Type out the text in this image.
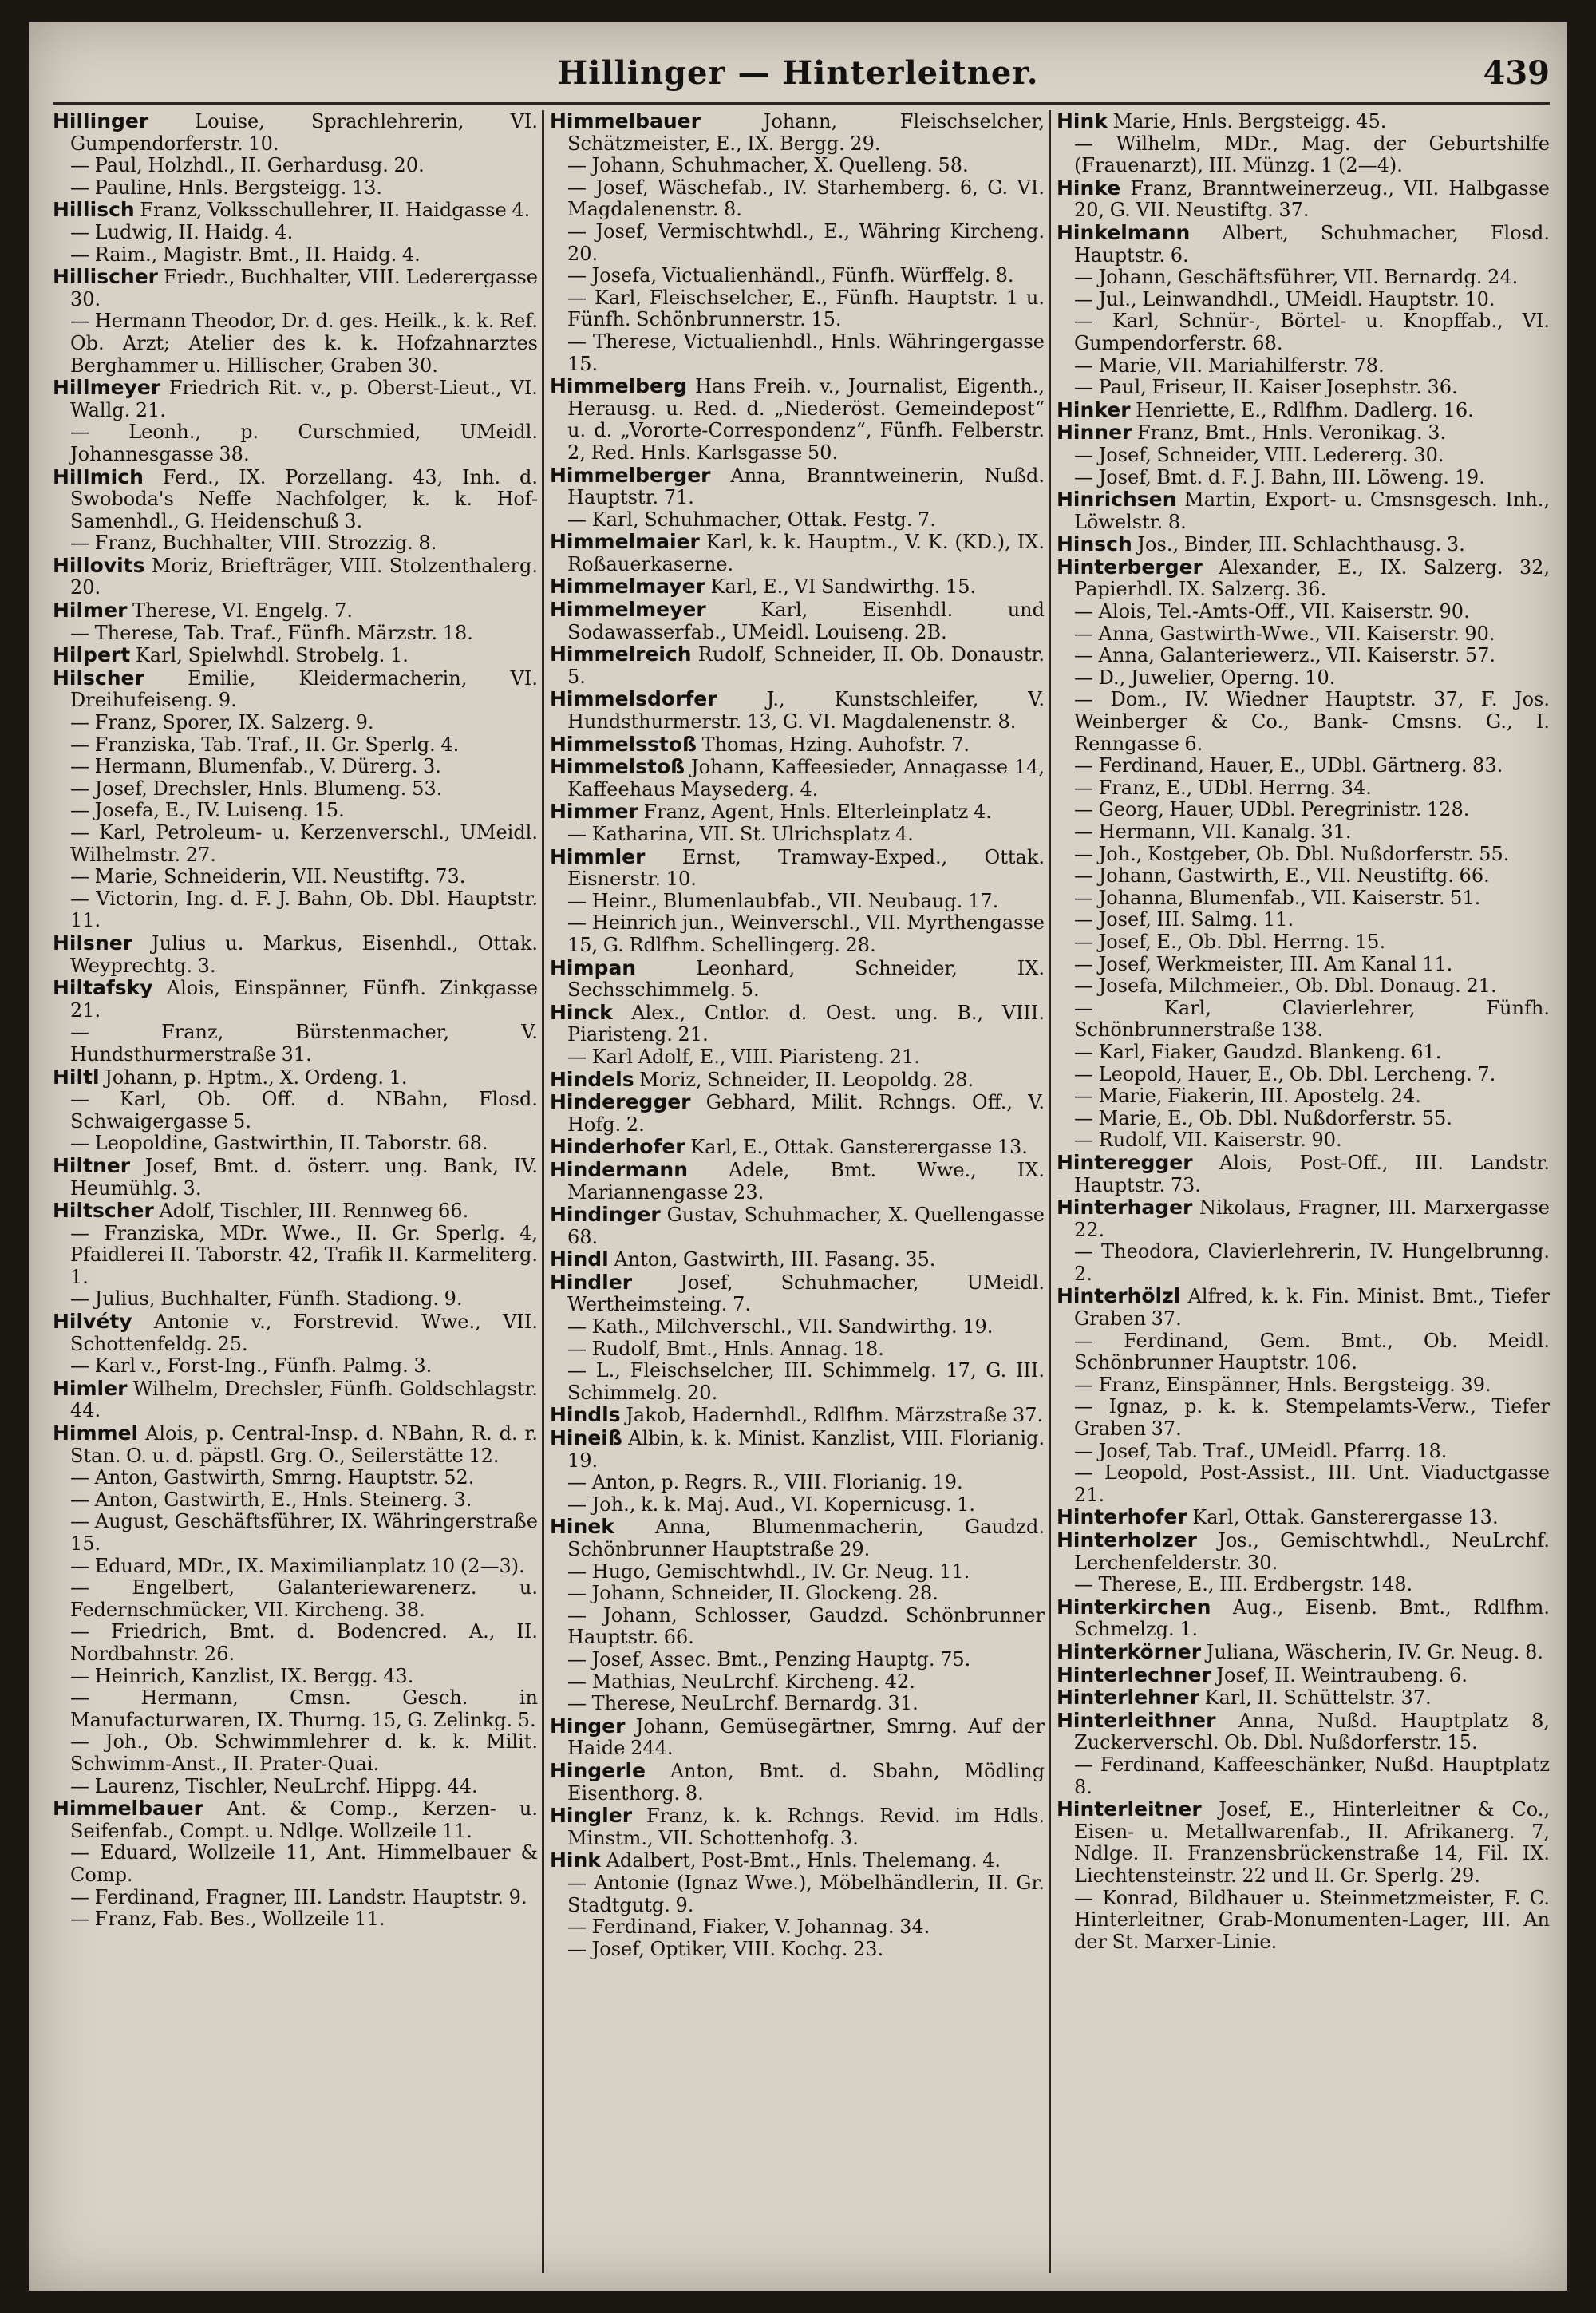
Hillinger — Hinterleitner.	439
Hillinger Louise, Sprachlehrerin, VI. Gumpendorferstr. 10.
— Paul, Holzhdl., II. Gerhardusg. 20.
— Pauline, Hnls. Bergsteigg. 13.
Hillisch Franz, Volksschullehrer, II. Haidgasse 4.
— Ludwig, II. Haidg. 4.
— Raim., Magistr. Bmt., II. Haidg. 4.
Hillischer Friedr., Buchhalter, VIII. Lederergasse 30.
— Hermann Theodor, Dr. d. ges. Heilk., k. k. Ref. Ob. Arzt; Atelier des k. k. Hofzahnarztes Berghammer u. Hillischer, Graben 30.
Hillmeyer Friedrich Rit. v., p. Oberst-Lieut., VI. Wallg. 21.
— Leonh., p. Curschmied, UMeidl. Johannesgasse 38.
Hillmich Ferd., IX. Porzellang. 43, Inh. d. Swoboda's Neffe Nachfolger, k. k. Hof-Samenhdl., G. Heidenschuß 3.
— Franz, Buchhalter, VIII. Strozzig. 8.
Hillovits Moriz, Briefträger, VIII. Stolzenthalerg. 20.
Hilmer Therese, VI. Engelg. 7.
— Therese, Tab. Traf., Fünfh. Märzstr. 18.
Hilpert Karl, Spielwhdl. Strobelg. 1.
Hilscher Emilie, Kleidermacherin, VI. Dreihufeiseng. 9.
— Franz, Sporer, IX. Salzerg. 9.
— Franziska, Tab. Traf., II. Gr. Sperlg. 4.
— Hermann, Blumenfab., V. Dürerg. 3.
— Josef, Drechsler, Hnls. Blumeng. 53.
— Josefa, E., IV. Luiseng. 15.
— Karl, Petroleum- u. Kerzenverschl., UMeidl. Wilhelmstr. 27.
— Marie, Schneiderin, VII. Neustiftg. 73.
— Victorin, Ing. d. F. J. Bahn, Ob. Dbl. Hauptstr. 11.
Hilsner Julius u. Markus, Eisenhdl., Ottak. Weyprechtg. 3.
Hiltafsky Alois, Einspänner, Fünfh. Zinkgasse 21.
— Franz, Bürstenmacher, V. Hundsthurmerstraße 31.
Hiltl Johann, p. Hptm., X. Ordeng. 1.
— Karl, Ob. Off. d. NBahn, Flosd. Schwaigergasse 5.
— Leopoldine, Gastwirthin, II. Taborstr. 68.
Hiltner Josef, Bmt. d. österr. ung. Bank, IV. Heumühlg. 3.
Hiltscher Adolf, Tischler, III. Rennweg 66.
— Franziska, MDr. Wwe., II. Gr. Sperlg. 4, Pfaidlerei II. Taborstr. 42, Trafik II. Karmeliterg. 1.
— Julius, Buchhalter, Fünfh. Stadiong. 9.
Hilvéty Antonie v., Forstrevid. Wwe., VII. Schottenfeldg. 25.
— Karl v., Forst-Ing., Fünfh. Palmg. 3.
Himler Wilhelm, Drechsler, Fünfh. Goldschlagstr. 44.
Himmel Alois, p. Central-Insp. d. NBahn, R. d. r. Stan. O. u. d. päpstl. Grg. O., Seilerstätte 12.
— Anton, Gastwirth, Smrng. Hauptstr. 52.
— Anton, Gastwirth, E., Hnls. Steinerg. 3.
— August, Geschäftsführer, IX. Währingerstraße 15.
— Eduard, MDr., IX. Maximilianplatz 10 (2—3).
— Engelbert, Galanteriewarenerz. u. Federnschmücker, VII. Kircheng. 38.
— Friedrich, Bmt. d. Bodencred. A., II. Nordbahnstr. 26.
— Heinrich, Kanzlist, IX. Bergg. 43.
— Hermann, Cmsn. Gesch. in Manufacturwaren, IX. Thurng. 15, G. Zelinkg. 5.
— Joh., Ob. Schwimmlehrer d. k. k. Milit. Schwimm-Anst., II. Prater-Quai.
— Laurenz, Tischler, NeuLrchf. Hippg. 44.
Himmelbauer Ant. & Comp., Kerzen- u. Seifenfab., Compt. u. Ndlge. Wollzeile 11.
— Eduard, Wollzeile 11, Ant. Himmelbauer & Comp.
— Ferdinand, Fragner, III. Landstr. Hauptstr. 9.
— Franz, Fab. Bes., Wollzeile 11.
Himmelbauer Johann, Fleischselcher, Schätzmeister, E., IX. Bergg. 29.
— Johann, Schuhmacher, X. Quelleng. 58.
— Josef, Wäschefab., IV. Starhemberg. 6, G. VI. Magdalenenstr. 8.
— Josef, Vermischtwhdl., E., Währing Kircheng. 20.
— Josefa, Victualienhändl., Fünfh. Würffelg. 8.
— Karl, Fleischselcher, E., Fünfh. Hauptstr. 1 u. Fünfh. Schönbrunnerstr. 15.
— Therese, Victualienhdl., Hnls. Währingergasse 15.
Himmelberg Hans Freih. v., Journalist, Eigenth., Herausg. u. Red. d. „Niederöst. Gemeindepost“ u. d. „Vororte-Correspondenz“, Fünfh. Felberstr. 2, Red. Hnls. Karlsgasse 50.
Himmelberger Anna, Branntweinerin, Nußd. Hauptstr. 71.
— Karl, Schuhmacher, Ottak. Festg. 7.
Himmelmaier Karl, k. k. Hauptm., V. K. (KD.), IX. Roßauerkaserne.
Himmelmayer Karl, E., VI Sandwirthg. 15.
Himmelmeyer Karl, Eisenhdl. und Sodawasserfab., UMeidl. Louiseng. 2B.
Himmelreich Rudolf, Schneider, II. Ob. Donaustr. 5.
Himmelsdorfer J., Kunstschleifer, V. Hundsthurmerstr. 13, G. VI. Magdalenenstr. 8.
Himmelsstoß Thomas, Hzing. Auhofstr. 7.
Himmelstoß Johann, Kaffeesieder, Annagasse 14, Kaffeehaus Maysederg. 4.
Himmer Franz, Agent, Hnls. Elterleinplatz 4.
— Katharina, VII. St. Ulrichsplatz 4.
Himmler Ernst, Tramway-Exped., Ottak. Eisnerstr. 10.
— Heinr., Blumenlaubfab., VII. Neubaug. 17.
— Heinrich jun., Weinverschl., VII. Myrthengasse 15, G. Rdlfhm. Schellingerg. 28.
Himpan Leonhard, Schneider, IX. Sechsschimmelg. 5.
Hinck Alex., Cntlor. d. Oest. ung. B., VIII. Piaristeng. 21.
— Karl Adolf, E., VIII. Piaristeng. 21.
Hindels Moriz, Schneider, II. Leopoldg. 28.
Hinderegger Gebhard, Milit. Rchngs. Off., V. Hofg. 2.
Hinderhofer Karl, E., Ottak. Gansterergasse 13.
Hindermann Adele, Bmt. Wwe., IX. Mariannengasse 23.
Hindinger Gustav, Schuhmacher, X. Quellengasse 68.
Hindl Anton, Gastwirth, III. Fasang. 35.
Hindler Josef, Schuhmacher, UMeidl. Wertheimsteing. 7.
— Kath., Milchverschl., VII. Sandwirthg. 19.
— Rudolf, Bmt., Hnls. Annag. 18.
— L., Fleischselcher, III. Schimmelg. 17, G. III. Schimmelg. 20.
Hindls Jakob, Hadernhdl., Rdlfhm. Märzstraße 37.
Hineiß Albin, k. k. Minist. Kanzlist, VIII. Florianig. 19.
— Anton, p. Regrs. R., VIII. Florianig. 19.
— Joh., k. k. Maj. Aud., VI. Kopernicusg. 1.
Hinek Anna, Blumenmacherin, Gaudzd. Schönbrunner Hauptstraße 29.
— Hugo, Gemischtwhdl., IV. Gr. Neug. 11.
— Johann, Schneider, II. Glockeng. 28.
— Johann, Schlosser, Gaudzd. Schönbrunner Hauptstr. 66.
— Josef, Assec. Bmt., Penzing Hauptg. 75.
— Mathias, NeuLrchf. Kircheng. 42.
— Therese, NeuLrchf. Bernardg. 31.
Hinger Johann, Gemüsegärtner, Smrng. Auf der Haide 244.
Hingerle Anton, Bmt. d. Sbahn, Mödling Eisenthorg. 8.
Hingler Franz, k. k. Rchngs. Revid. im Hdls. Minstm., VII. Schottenhofg. 3.
Hink Adalbert, Post-Bmt., Hnls. Thelemang. 4.
— Antonie (Ignaz Wwe.), Möbelhändlerin, II. Gr. Stadtgutg. 9.
— Ferdinand, Fiaker, V. Johannag. 34.
— Josef, Optiker, VIII. Kochg. 23.
Hink Marie, Hnls. Bergsteigg. 45.
— Wilhelm, MDr., Mag. der Geburtshilfe (Frauenarzt), III. Münzg. 1 (2—4).
Hinke Franz, Branntweinerzeug., VII. Halbgasse 20, G. VII. Neustiftg. 37.
Hinkelmann Albert, Schuhmacher, Flosd. Hauptstr. 6.
— Johann, Geschäftsführer, VII. Bernardg. 24.
— Jul., Leinwandhdl., UMeidl. Hauptstr. 10.
— Karl, Schnür-, Börtel- u. Knopffab., VI. Gumpendorferstr. 68.
— Marie, VII. Mariahilferstr. 78.
— Paul, Friseur, II. Kaiser Josephstr. 36.
Hinker Henriette, E., Rdlfhm. Dadlerg. 16.
Hinner Franz, Bmt., Hnls. Veronikag. 3.
— Josef, Schneider, VIII. Ledererg. 30.
— Josef, Bmt. d. F. J. Bahn, III. Löweng. 19.
Hinrichsen Martin, Export- u. Cmsnsgesch. Inh., Löwelstr. 8.
Hinsch Jos., Binder, III. Schlachthausg. 3.
Hinterberger Alexander, E., IX. Salzerg. 32, Papierhdl. IX. Salzerg. 36.
— Alois, Tel.-Amts-Off., VII. Kaiserstr. 90.
— Anna, Gastwirth-Wwe., VII. Kaiserstr. 90.
— Anna, Galanteriewerz., VII. Kaiserstr. 57.
— D., Juwelier, Operng. 10.
— Dom., IV. Wiedner Hauptstr. 37, F. Jos. Weinberger & Co., Bank- Cmsns. G., I. Renngasse 6.
— Ferdinand, Hauer, E., UDbl. Gärtnerg. 83.
— Franz, E., UDbl. Herrng. 34.
— Georg, Hauer, UDbl. Peregrinistr. 128.
— Hermann, VII. Kanalg. 31.
— Joh., Kostgeber, Ob. Dbl. Nußdorferstr. 55.
— Johann, Gastwirth, E., VII. Neustiftg. 66.
— Johanna, Blumenfab., VII. Kaiserstr. 51.
— Josef, III. Salmg. 11.
— Josef, E., Ob. Dbl. Herrng. 15.
— Josef, Werkmeister, III. Am Kanal 11.
— Josefa, Milchmeier., Ob. Dbl. Donaug. 21.
— Karl, Clavierlehrer, Fünfh. Schönbrunnerstraße 138.
— Karl, Fiaker, Gaudzd. Blankeng. 61.
— Leopold, Hauer, E., Ob. Dbl. Lercheng. 7.
— Marie, Fiakerin, III. Apostelg. 24.
— Marie, E., Ob. Dbl. Nußdorferstr. 55.
— Rudolf, VII. Kaiserstr. 90.
Hinteregger Alois, Post-Off., III. Landstr. Hauptstr. 73.
Hinterhager Nikolaus, Fragner, III. Marxergasse 22.
— Theodora, Clavierlehrerin, IV. Hungelbrunng. 2.
Hinterhölzl Alfred, k. k. Fin. Minist. Bmt., Tiefer Graben 37.
— Ferdinand, Gem. Bmt., Ob. Meidl. Schönbrunner Hauptstr. 106.
— Franz, Einspänner, Hnls. Bergsteigg. 39.
— Ignaz, p. k. k. Stempelamts-Verw., Tiefer Graben 37.
— Josef, Tab. Traf., UMeidl. Pfarrg. 18.
— Leopold, Post-Assist., III. Unt. Viaductgasse 21.
Hinterhofer Karl, Ottak. Gansterergasse 13.
Hinterholzer Jos., Gemischtwhdl., NeuLrchf. Lerchenfelderstr. 30.
— Therese, E., III. Erdbergstr. 148.
Hinterkirchen Aug., Eisenb. Bmt., Rdlfhm. Schmelzg. 1.
Hinterkörner Juliana, Wäscherin, IV. Gr. Neug. 8.
Hinterlechner Josef, II. Weintraubeng. 6.
Hinterlehner Karl, II. Schüttelstr. 37.
Hinterleithner Anna, Nußd. Hauptplatz 8, Zuckerverschl. Ob. Dbl. Nußdorferstr. 15.
— Ferdinand, Kaffeeschänker, Nußd. Hauptplatz 8.
Hinterleitner Josef, E., Hinterleitner & Co., Eisen- u. Metallwarenfab., II. Afrikanerg. 7, Ndlge. II. Franzensbrückenstraße 14, Fil. IX. Liechtensteinstr. 22 und II. Gr. Sperlg. 29.
— Konrad, Bildhauer u. Steinmetzmeister, F. C. Hinterleitner, Grab-Monumenten-Lager, III. An der St. Marxer-Linie.
